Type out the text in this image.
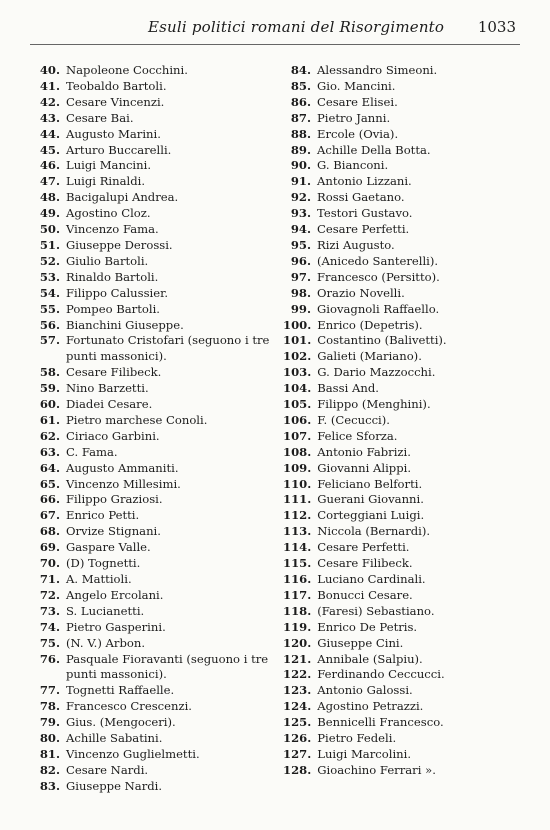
Esuli politici romani del Risorgimento 1033
40. Napoleone Cocchini.
41. Teobaldo Bartoli.
42. Cesare Vincenzi.
43. Cesare Bai.
44. Augusto Marini.
45. Arturo Buccarelli.
46. Luigi Mancini.
47. Luigi Rinaldi.
48. Bacigalupi Andrea.
49. Agostino Cloz.
50. Vincenzo Fama.
51. Giuseppe Derossi.
52. Giulio Bartoli.
53. Rinaldo Bartoli.
54. Filippo Calussier.
55. Pompeo Bartoli.
56. Bianchini Giuseppe.
57. Fortunato Cristofari (seguono i tre punti massonici).
58. Cesare Filibeck.
59. Nino Barzetti.
60. Diadei Cesare.
61. Pietro marchese Conoli.
62. Ciriaco Garbini.
63. C. Fama.
64. Augusto Ammaniti.
65. Vincenzo Millesimi.
66. Filippo Graziosi.
67. Enrico Petti.
68. Orvize Stignani.
69. Gaspare Valle.
70. (D) Tognetti.
71. A. Mattioli.
72. Angelo Ercolani.
73. S. Lucianetti.
74. Pietro Gasperini.
75. (N. V.) Arbon.
76. Pasquale Fioravanti (seguono i tre punti massonici).
77. Tognetti Raffaelle.
78. Francesco Crescenzi.
79. Gius. (Mengoceri).
80. Achille Sabatini.
81. Vincenzo Guglielmetti.
82. Cesare Nardi.
83. Giuseppe Nardi.
84. Alessandro Simeoni.
85. Gio. Mancini.
86. Cesare Elisei.
87. Pietro Janni.
88. Ercole (Ovia).
89. Achille Della Botta.
90. G. Bianconi.
91. Antonio Lizzani.
92. Rossi Gaetano.
93. Testori Gustavo.
94. Cesare Perfetti.
95. Rizi Augusto.
96. (Anicedo Santerelli).
97. Francesco (Persitto).
98. Orazio Novelli.
99. Giovagnoli Raffaello.
100. Enrico (Depetris).
101. Costantino (Balivetti).
102. Galieti (Mariano).
103. G. Dario Mazzocchi.
104. Bassi And.
105. Filippo (Menghini).
106. F. (Cecucci).
107. Felice Sforza.
108. Antonio Fabrizi.
109. Giovanni Alippi.
110. Feliciano Belforti.
111. Guerani Giovanni.
112. Corteggiani Luigi.
113. Niccola (Bernardi).
114. Cesare Perfetti.
115. Cesare Filibeck.
116. Luciano Cardinali.
117. Bonucci Cesare.
118. (Faresi) Sebastiano.
119. Enrico De Petris.
120. Giuseppe Cini.
121. Annibale (Salpiu).
122. Ferdinando Ceccucci.
123. Antonio Galossi.
124. Agostino Petrazzi.
125. Bennicelli Francesco.
126. Pietro Fedeli.
127. Luigi Marcolini.
128. Gioachino Ferrari ».
